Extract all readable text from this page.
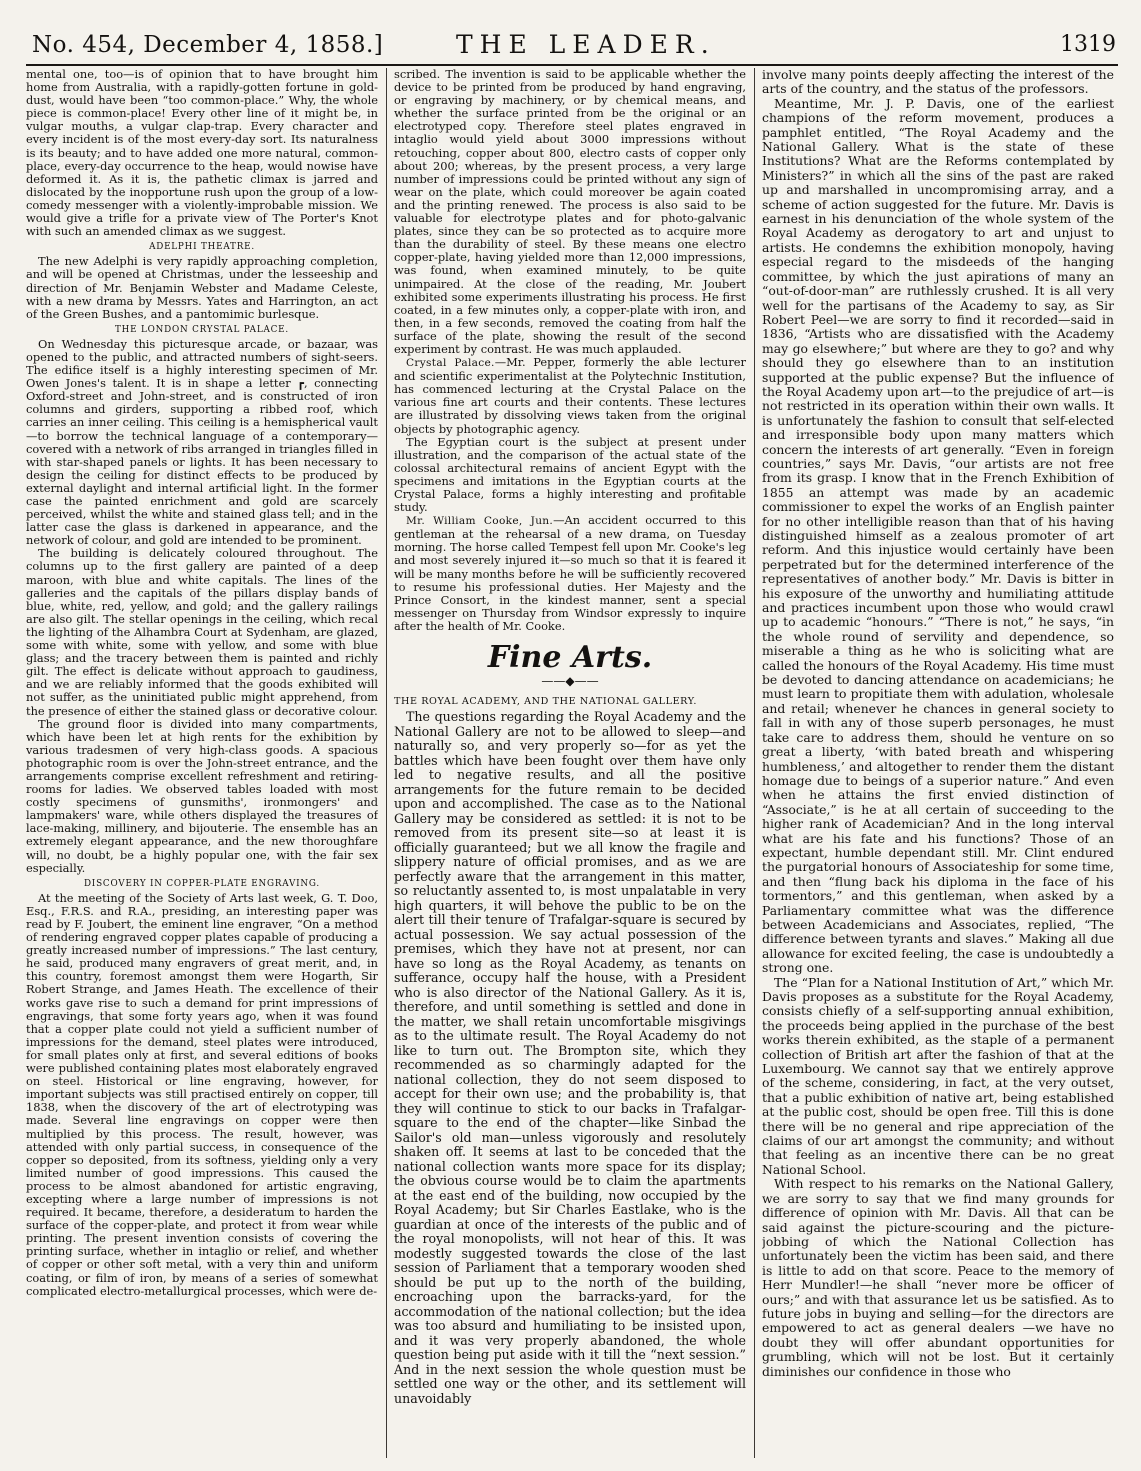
No. 454, December 4, 1858.]	THE LEADER.	1319

mental one, too—is of opinion that to have brought him home from Australia, with a rapidly-gotten fortune in gold-dust, would have been “too common-place.” Why, the whole piece is common-place! Every other line of it might be, in vulgar mouths, a vulgar clap-trap. Every character and every incident is of the most every-day sort. Its naturalness is its beauty; and to have added one more natural, common-place, every-day occurrence to the heap, would nowise have deformed it. As it is, the pathetic climax is jarred and dislocated by the inopportune rush upon the group of a low-comedy messenger with a violently-improbable mission. We would give a trifle for a private view of The Porter's Knot with such an amended climax as we suggest.

ADELPHI THEATRE.

The new Adelphi is very rapidly approaching completion, and will be opened at Christmas, under the lesseeship and direction of Mr. Benjamin Webster and Madame Celeste, with a new drama by Messrs. Yates and Harrington, an act of the Green Bushes, and a pantomimic burlesque.

THE LONDON CRYSTAL PALACE.

On Wednesday this picturesque arcade, or bazaar, was opened to the public, and attracted numbers of sight-seers. The edifice itself is a highly interesting specimen of Mr. Owen Jones's talent. It is in shape a letter ┏, connecting Oxford-street and John-street, and is constructed of iron columns and girders, supporting a ribbed roof, which carries an inner ceiling. This ceiling is a hemispherical vault —to borrow the technical language of a contemporary—covered with a network of ribs arranged in triangles filled in with star-shaped panels or lights. It has been necessary to design the ceiling for distinct effects to be produced by external daylight and internal artificial light. In the former case the painted enrichment and gold are scarcely perceived, whilst the white and stained glass tell; and in the latter case the glass is darkened in appearance, and the network of colour, and gold are intended to be prominent.

The building is delicately coloured throughout. The columns up to the first gallery are painted of a deep maroon, with blue and white capitals. The lines of the galleries and the capitals of the pillars display bands of blue, white, red, yellow, and gold; and the gallery railings are also gilt. The stellar openings in the ceiling, which recal the lighting of the Alhambra Court at Sydenham, are glazed, some with white, some with yellow, and some with blue glass; and the tracery between them is painted and richly gilt. The effect is delicate without approach to gaudiness, and we are reliably informed that the goods exhibited will not suffer, as the uninitiated public might apprehend, from the presence of either the stained glass or decorative colour.

The ground floor is divided into many compartments, which have been let at high rents for the exhibition by various tradesmen of very high-class goods. A spacious photographic room is over the John-street entrance, and the arrangements comprise excellent refreshment and retiring-rooms for ladies. We observed tables loaded with most costly specimens of gunsmiths', ironmongers' and lampmakers' ware, while others displayed the treasures of lace-making, millinery, and bijouterie. The ensemble has an extremely elegant appearance, and the new thoroughfare will, no doubt, be a highly popular one, with the fair sex especially.

DISCOVERY IN COPPER-PLATE ENGRAVING.

At the meeting of the Society of Arts last week, G. T. Doo, Esq., F.R.S. and R.A., presiding, an interesting paper was read by F. Joubert, the eminent line engraver, “On a method of rendering engraved copper plates capable of producing a greatly increased number of impressions.” The last century, he said, produced many engravers of great merit, and, in this country, foremost amongst them were Hogarth, Sir Robert Strange, and James Heath. The excellence of their works gave rise to such a demand for print impressions of engravings, that some forty years ago, when it was found that a copper plate could not yield a sufficient number of impressions for the demand, steel plates were introduced, for small plates only at first, and several editions of books were published containing plates most elaborately engraved on steel. Historical or line engraving, however, for important subjects was still practised entirely on copper, till 1838, when the discovery of the art of electrotyping was made. Several line engravings on copper were then multiplied by this process. The result, however, was attended with only partial success, in consequence of the copper so deposited, from its softness, yielding only a very limited number of good impressions. This caused the process to be almost abandoned for artistic engraving, excepting where a large number of impressions is not required. It became, therefore, a desideratum to harden the surface of the copper-plate, and protect it from wear while printing. The present invention consists of covering the printing surface, whether in intaglio or relief, and whether of copper or other soft metal, with a very thin and uniform coating, or film of iron, by means of a series of somewhat complicated electro-metallurgical processes, which were de-

scribed. The invention is said to be applicable whether the device to be printed from be produced by hand engraving, or engraving by machinery, or by chemical means, and whether the surface printed from be the original or an electrotyped copy. Therefore steel plates engraved in intaglio would yield about 3000 impressions without retouching, copper about 800, electro casts of copper only about 200; whereas, by the present process, a very large number of impressions could be printed without any sign of wear on the plate, which could moreover be again coated and the printing renewed. The process is also said to be valuable for electrotype plates and for photo-galvanic plates, since they can be so protected as to acquire more than the durability of steel. By these means one electro copper-plate, having yielded more than 12,000 impressions, was found, when examined minutely, to be quite unimpaired. At the close of the reading, Mr. Joubert exhibited some experiments illustrating his process. He first coated, in a few minutes only, a copper-plate with iron, and then, in a few seconds, removed the coating from half the surface of the plate, showing the result of the second experiment by contrast. He was much applauded.

Crystal Palace.—Mr. Pepper, formerly the able lecturer and scientific experimentalist at the Polytechnic Institution, has commenced lecturing at the Crystal Palace on the various fine art courts and their contents. These lectures are illustrated by dissolving views taken from the original objects by photographic agency.

The Egyptian court is the subject at present under illustration, and the comparison of the actual state of the colossal architectural remains of ancient Egypt with the specimens and imitations in the Egyptian courts at the Crystal Palace, forms a highly interesting and profitable study.

Mr. William Cooke, Jun.—An accident occurred to this gentleman at the rehearsal of a new drama, on Tuesday morning. The horse called Tempest fell upon Mr. Cooke's leg and most severely injured it—so much so that it is feared it will be many months before he will be sufficiently recovered to resume his professional duties. Her Majesty and the Prince Consort, in the kindest manner, sent a special messenger on Thursday from Windsor expressly to inquire after the health of Mr. Cooke.

Fine Arts.
——◆——
THE ROYAL ACADEMY, AND THE NATIONAL GALLERY.

The questions regarding the Royal Academy and the National Gallery are not to be allowed to sleep—and naturally so, and very properly so—for as yet the battles which have been fought over them have only led to negative results, and all the positive arrangements for the future remain to be decided upon and accomplished. The case as to the National Gallery may be considered as settled: it is not to be removed from its present site—so at least it is officially guaranteed; but we all know the fragile and slippery nature of official promises, and as we are perfectly aware that the arrangement in this matter, so reluctantly assented to, is most unpalatable in very high quarters, it will behove the public to be on the alert till their tenure of Trafalgar-square is secured by actual possession. We say actual possession of the premises, which they have not at present, nor can have so long as the Royal Academy, as tenants on sufferance, occupy half the house, with a President who is also director of the National Gallery. As it is, therefore, and until something is settled and done in the matter, we shall retain uncomfortable misgivings as to the ultimate result. The Royal Academy do not like to turn out. The Brompton site, which they recommended as so charmingly adapted for the national collection, they do not seem disposed to accept for their own use; and the probability is, that they will continue to stick to our backs in Trafalgar-square to the end of the chapter—like Sinbad the Sailor's old man—unless vigorously and resolutely shaken off. It seems at last to be conceded that the national collection wants more space for its display; the obvious course would be to claim the apartments at the east end of the building, now occupied by the Royal Academy; but Sir Charles Eastlake, who is the guardian at once of the interests of the public and of the royal monopolists, will not hear of this. It was modestly suggested towards the close of the last session of Parliament that a temporary wooden shed should be put up to the north of the building, encroaching upon the barracks-yard, for the accommodation of the national collection; but the idea was too absurd and humiliating to be insisted upon, and it was very properly abandoned, the whole question being put aside with it till the “next session.” And in the next session the whole question must be settled one way or the other, and its settlement will unavoidably

involve many points deeply affecting the interest of the arts of the country, and the status of the professors.

Meantime, Mr. J. P. Davis, one of the earliest champions of the reform movement, produces a pamphlet entitled, “The Royal Academy and the National Gallery. What is the state of these Institutions? What are the Reforms contemplated by Ministers?” in which all the sins of the past are raked up and marshalled in uncompromising array, and a scheme of action suggested for the future. Mr. Davis is earnest in his denunciation of the whole system of the Royal Academy as derogatory to art and unjust to artists. He condemns the exhibition monopoly, having especial regard to the misdeeds of the hanging committee, by which the just apirations of many an “out-of-door-man” are ruthlessly crushed. It is all very well for the partisans of the Academy to say, as Sir Robert Peel—we are sorry to find it recorded—said in 1836, “Artists who are dissatisfied with the Academy may go elsewhere;” but where are they to go? and why should they go elsewhere than to an institution supported at the public expense? But the influence of the Royal Academy upon art—to the prejudice of art—is not restricted in its operation within their own walls. It is unfortunately the fashion to consult that self-elected and irresponsible body upon many matters which concern the interests of art generally. “Even in foreign countries,” says Mr. Davis, “our artists are not free from its grasp. I know that in the French Exhibition of 1855 an attempt was made by an academic commissioner to expel the works of an English painter for no other intelligible reason than that of his having distinguished himself as a zealous promoter of art reform. And this injustice would certainly have been perpetrated but for the determined interference of the representatives of another body.” Mr. Davis is bitter in his exposure of the unworthy and humiliating attitude and practices incumbent upon those who would crawl up to academic “honours.” “There is not,” he says, “in the whole round of servility and dependence, so miserable a thing as he who is soliciting what are called the honours of the Royal Academy. His time must be devoted to dancing attendance on academicians; he must learn to propitiate them with adulation, wholesale and retail; whenever he chances in general society to fall in with any of those superb personages, he must take care to address them, should he venture on so great a liberty, ‘with bated breath and whispering humbleness,’ and altogether to render them the distant homage due to beings of a superior nature.” And even when he attains the first envied distinction of “Associate,” is he at all certain of succeeding to the higher rank of Academician? And in the long interval what are his fate and his functions? Those of an expectant, humble dependant still. Mr. Clint endured the purgatorial honours of Associateship for some time, and then “flung back his diploma in the face of his tormentors,” and this gentleman, when asked by a Parliamentary committee what was the difference between Academicians and Associates, replied, “The difference between tyrants and slaves.” Making all due allowance for excited feeling, the case is undoubtedly a strong one.

The “Plan for a National Institution of Art,” which Mr. Davis proposes as a substitute for the Royal Academy, consists chiefly of a self-supporting annual exhibition, the proceeds being applied in the purchase of the best works therein exhibited, as the staple of a permanent collection of British art after the fashion of that at the Luxembourg. We cannot say that we entirely approve of the scheme, considering, in fact, at the very outset, that a public exhibition of native art, being established at the public cost, should be open free. Till this is done there will be no general and ripe appreciation of the claims of our art amongst the community; and without that feeling as an incentive there can be no great National School.

With respect to his remarks on the National Gallery, we are sorry to say that we find many grounds for difference of opinion with Mr. Davis. All that can be said against the picture-scouring and the picture-jobbing of which the National Collection has unfortunately been the victim has been said, and there is little to add on that score. Peace to the memory of Herr Mundler!—he shall “never more be officer of ours;” and with that assurance let us be satisfied. As to future jobs in buying and selling—for the directors are empowered to act as general dealers —we have no doubt they will offer abundant opportunities for grumbling, which will not be lost. But it certainly diminishes our confidence in those who
